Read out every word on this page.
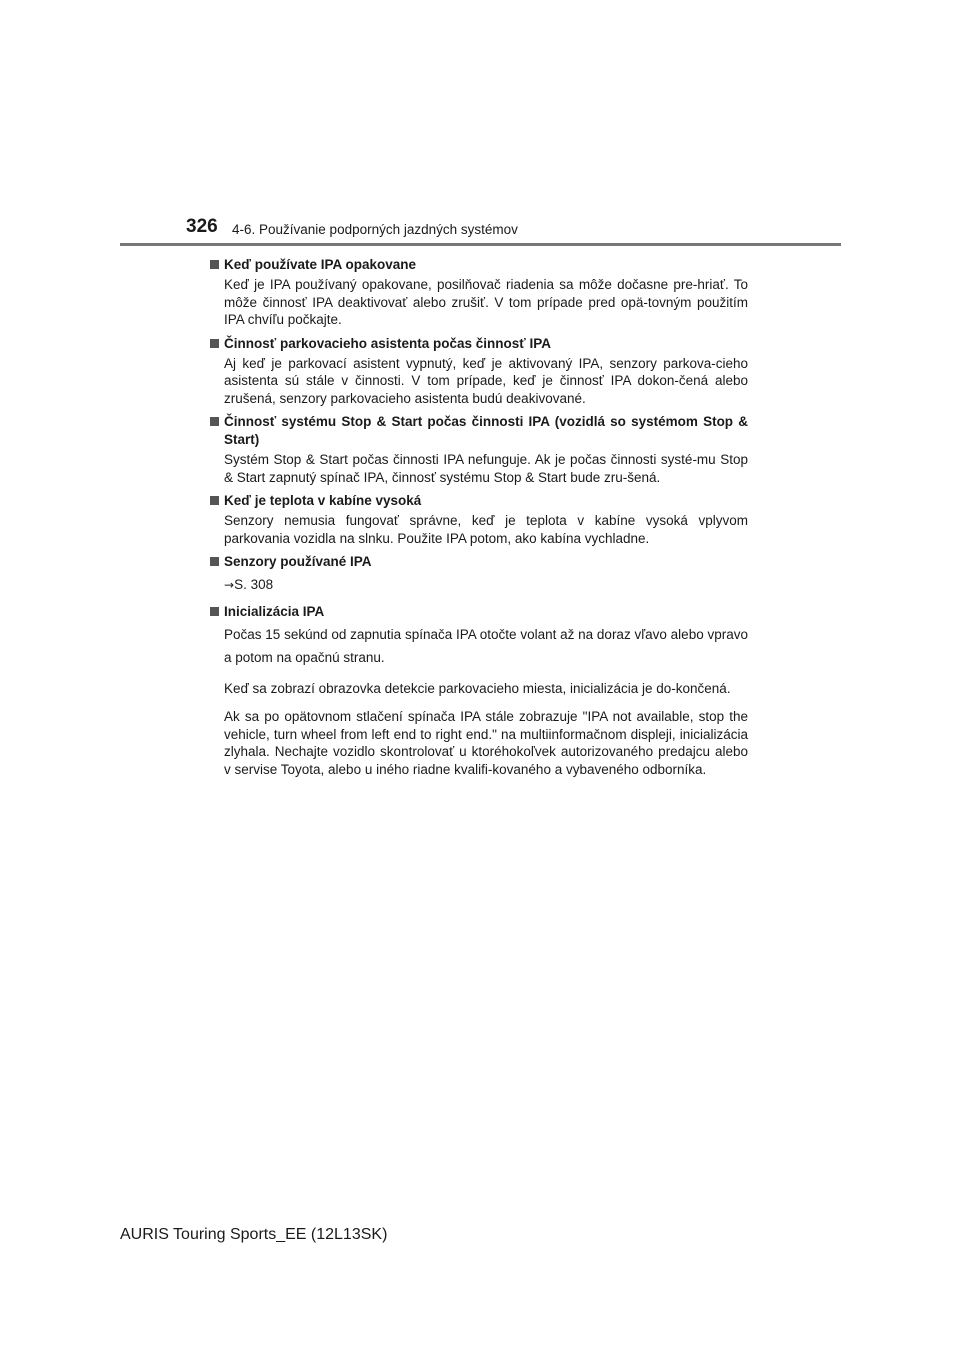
326 4-6. Používanie podporných jazdných systémov
Keď používate IPA opakovane

Keď je IPA používaný opakovane, posilňovač riadenia sa môže dočasne pre-hriať. To môže činnosť IPA deaktivovať alebo zrušiť. V tom prípade pred opä-tovným použitím IPA chvíľu počkajte.

Činnosť parkovacieho asistenta počas činnosť IPA

Aj keď je parkovací asistent vypnutý, keď je aktivovaný IPA, senzory parkova-cieho asistenta sú stále v činnosti. V tom prípade, keď je činnosť IPA dokon-čená alebo zrušená, senzory parkovacieho asistenta budú deakivované.

Činnosť systému Stop & Start počas činnosti IPA (vozidlá so systémom Stop & Start)

Systém Stop & Start počas činnosti IPA nefunguje. Ak je počas činnosti systé-mu Stop & Start zapnutý spínač IPA, činnosť systému Stop & Start bude zru-šená.

Keď je teplota v kabíne vysoká

Senzory nemusia fungovať správne, keď je teplota v kabíne vysoká vplyvom parkovania vozidla na slnku. Použite IPA potom, ako kabína vychladne.

Senzory používané IPA

→S. 308

Inicializácia IPA

Počas 15 sekúnd od zapnutia spínača IPA otočte volant až na doraz vľavo alebo vpravo a potom na opačnú stranu.

Keď sa zobrazí obrazovka detekcie parkovacieho miesta, inicializácia je do-končená.

Ak sa po opätovnom stlačení spínača IPA stále zobrazuje "IPA not available, stop the vehicle, turn wheel from left end to right end." na multiinformačnom displeji, inicializácia zlyhala. Nechajte vozidlo skontrolovať u ktoréhokoľvek autorizovaného predajcu alebo v servise Toyota, alebo u iného riadne kvalifi-kovaného a vybaveného odborníka.

AURIS Touring Sports_EE (12L13SK)
